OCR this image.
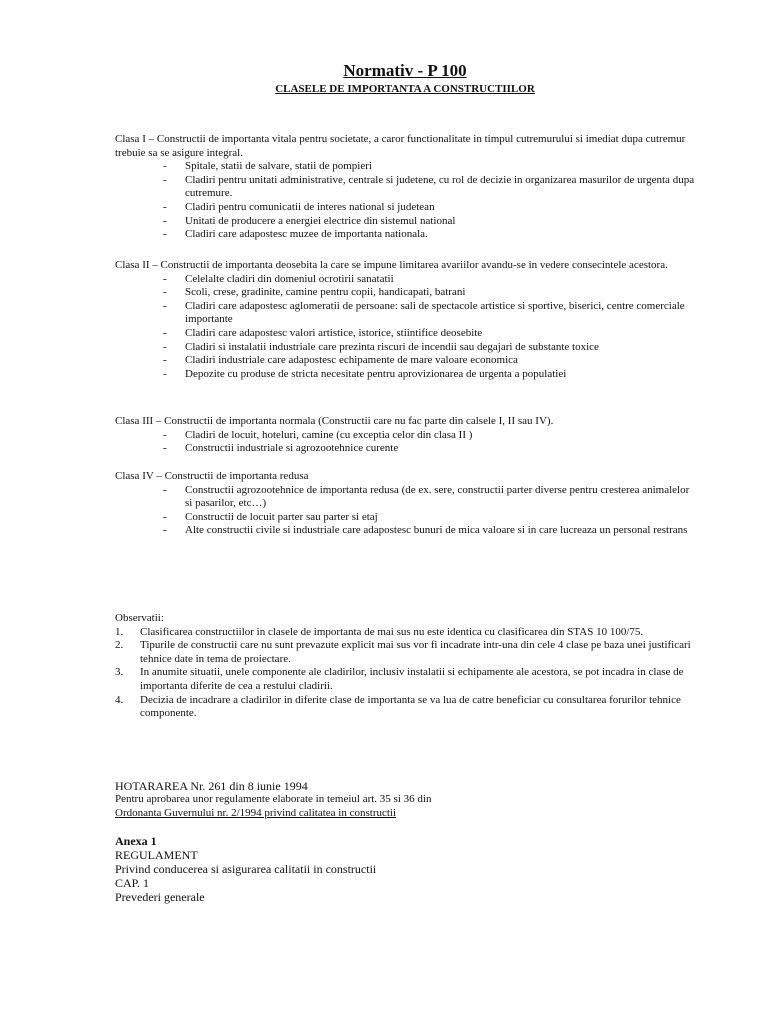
Normativ - P 100

CLASELE DE IMPORTANTA A CONSTRUCTIILOR

Clasa I – Constructii de importanta vitala pentru societate, a caror functionalitate in timpul cutremurului si imediat dupa cutremur trebuie sa se asigure integral.

- Spitale, statii de salvare, statii de pompieri
- Cladiri pentru unitati administrative, centrale si judetene, cu rol de decizie in organizarea masurilor de urgenta dupa cutremure.
- Cladiri pentru comunicatii de interes national si judetean
- Unitati de producere a energiei electrice din sistemul national
- Cladiri care adapostesc muzee de importanta nationala.

Clasa II – Constructii de importanta deosebita la care se impune limitarea avariilor avandu-se in vedere consecintele acestora.

- Celelalte cladiri din domeniul ocrotirii sanatatii
- Scoli, crese, gradinite, camine pentru copii, handicapati, batrani
- Cladiri care adapostesc aglomeratii de persoane: sali de spectacole artistice si sportive, biserici, centre comerciale importante
- Cladiri care adapostesc valori artistice, istorice, stiintifice deosebite
- Cladiri si instalatii industriale care prezinta riscuri de incendii sau degajari de substante toxice
- Cladiri industriale care adapostesc echipamente de mare valoare economica
- Depozite cu produse de stricta necesitate pentru aprovizionarea de urgenta a populatiei

Clasa III – Constructii de importanta normala (Constructii care nu fac parte din calsele I, II sau IV).

- Cladiri de locuit, hoteluri, camine (cu exceptia celor din clasa II )
- Constructii industriale si agrozootehnice curente

Clasa IV – Constructii de importanta redusa

- Constructii agrozootehnice de importanta redusa (de ex. sere, constructii parter diverse pentru cresterea animalelor si pasarilor, etc…)
- Constructii de locuit parter sau parter si etaj
- Alte constructii civile si industriale care adapostesc bunuri de mica valoare si in care lucreaza un personal restrans

Observatii:

1. Clasificarea constructiilor in clasele de importanta de mai sus nu este identica cu clasificarea din STAS 10 100/75.
2. Tipurile de constructii care nu sunt prevazute explicit mai sus vor fi incadrate intr-una din cele 4 clase pe baza unei justificari tehnice date in tema de proiectare.
3. In anumite situatii, unele componente ale cladirilor, inclusiv instalatii si echipamente ale acestora, se pot incadra in clase de importanta diferite de cea a restului cladirii.
4. Decizia de incadrare a cladirilor in diferite clase de importanta se va lua de catre beneficiar cu consultarea forurilor tehnice componente.

HOTARAREA Nr. 261 din 8 iunie 1994

Pentru aprobarea unor regulamente elaborate in temeiul art. 35 si 36 din

Ordonanta Guvernului nr. 2/1994 privind calitatea in constructii

Anexa 1

REGULAMENT

Privind conducerea si asigurarea calitatii in constructii

CAP. 1

Prevederi generale
